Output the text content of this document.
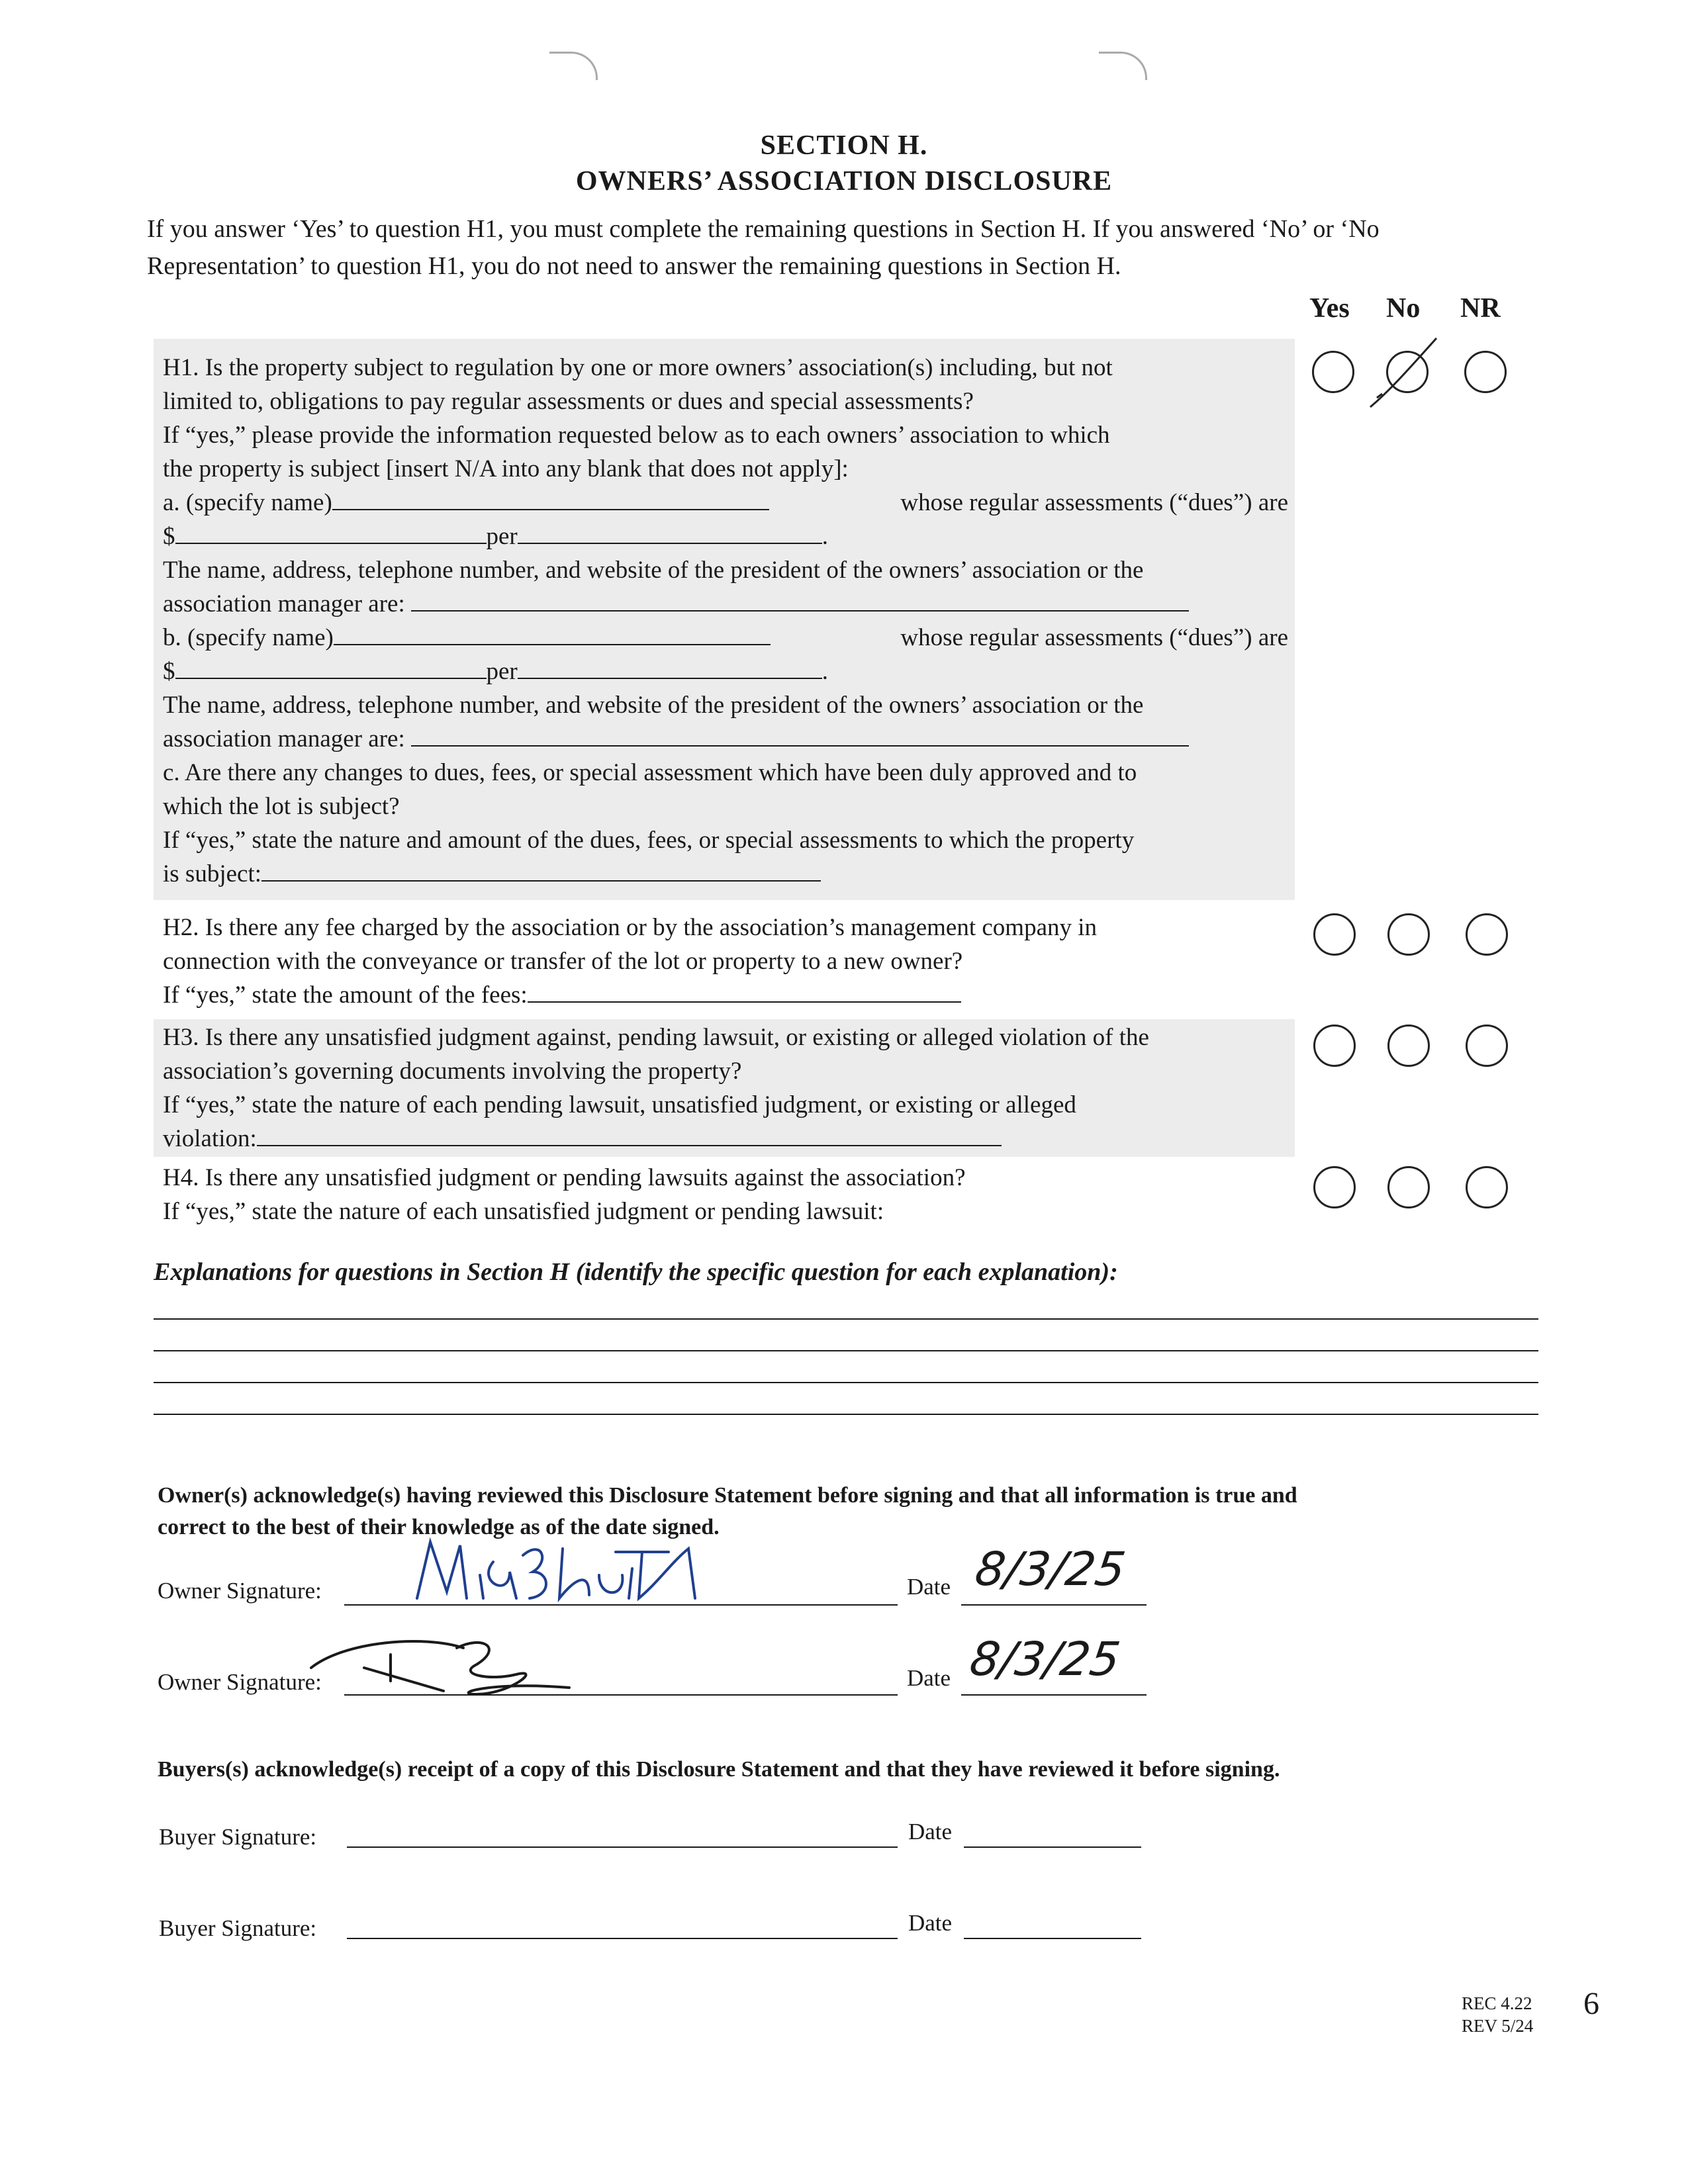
SECTION H.
OWNERS’ ASSOCIATION DISCLOSURE
If you answer ‘Yes’ to question H1, you must complete the remaining questions in Section H. If you answered ‘No’ or ‘No Representation’ to question H1, you do not need to answer the remaining questions in Section H.
Yes No NR
H1. Is the property subject to regulation by one or more owners’ association(s) including, but not
limited to, obligations to pay regular assessments or dues and special assessments?
If “yes,” please provide the information requested below as to each owners’ association to which
the property is subject [insert N/A into any blank that does not apply]:
a. (specify name)	whose regular assessments (“dues”) are
$	per	.
The name, address, telephone number, and website of the president of the owners’ association or the
association manager are:
b. (specify name)	whose regular assessments (“dues”) are
$	per	.
The name, address, telephone number, and website of the president of the owners’ association or the
association manager are:
c. Are there any changes to dues, fees, or special assessment which have been duly approved and to
which the lot is subject?
If “yes,” state the nature and amount of the dues, fees, or special assessments to which the property
is subject:
H2. Is there any fee charged by the association or by the association’s management company in
connection with the conveyance or transfer of the lot or property to a new owner?
If “yes,” state the amount of the fees:
H3. Is there any unsatisfied judgment against, pending lawsuit, or existing or alleged violation of the
association’s governing documents involving the property?
If “yes,” state the nature of each pending lawsuit, unsatisfied judgment, or existing or alleged
violation:
H4. Is there any unsatisfied judgment or pending lawsuits against the association?
If “yes,” state the nature of each unsatisfied judgment or pending lawsuit:
Explanations for questions in Section H (identify the specific question for each explanation):
Owner(s) acknowledge(s) having reviewed this Disclosure Statement before signing and that all information is true and
correct to the best of their knowledge as of the date signed.
Owner Signature:	Date 8/3/25
Owner Signature:	Date 8/3/25
Buyers(s) acknowledge(s) receipt of a copy of this Disclosure Statement and that they have reviewed it before signing.
Buyer Signature:	Date
Buyer Signature:	Date
REC 4.22
REV 5/24
6
